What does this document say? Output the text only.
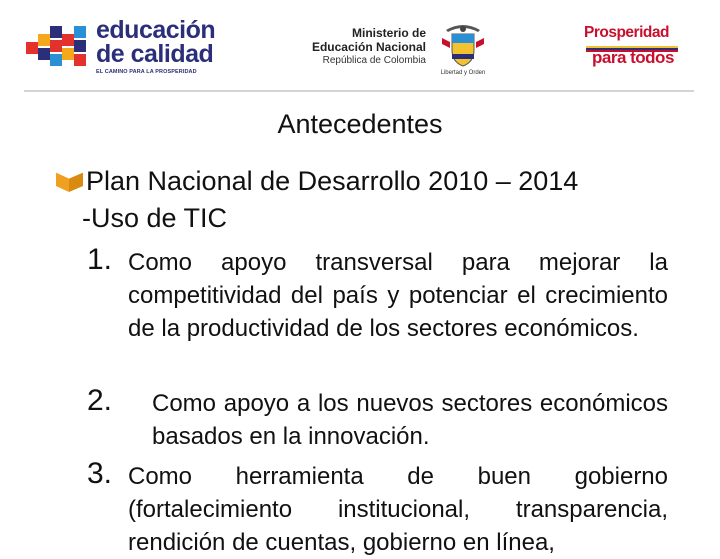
educación
de calidad
EL CAMINO PARA LA PROSPERIDAD
Ministerio de
Educación Nacional
República de Colombia
Libertad y Orden
Prosperidad
para todos
Antecedentes
Plan Nacional de Desarrollo 2010 – 2014
-Uso de TIC
1. Como apoyo transversal para mejorar la competitividad del país y potenciar el crecimiento de la productividad de los sectores económicos.
2.	Como apoyo a los nuevos sectores económicos basados en la innovación.
3. Como herramienta de buen gobierno (fortalecimiento institucional, transparencia, rendición de cuentas, gobierno en línea,
